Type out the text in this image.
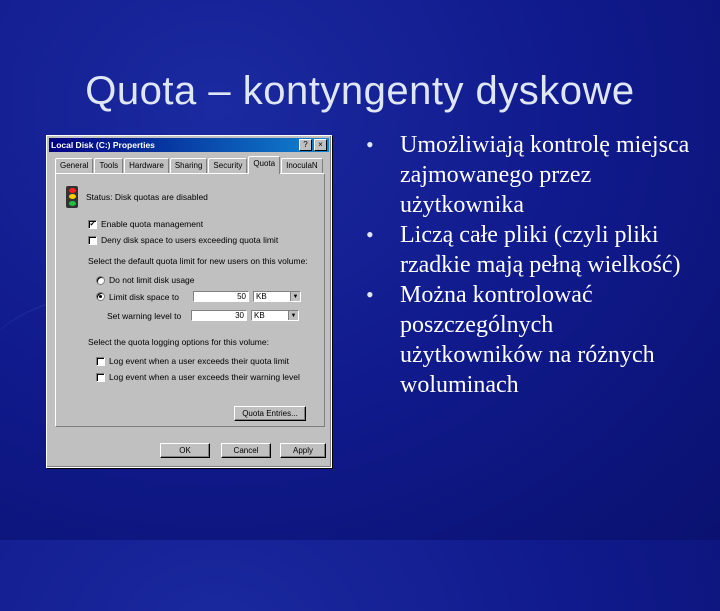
Quota – kontyngenty dyskowe
Local Disk (C:) Properties	?	×
General	Tools	Hardware	Sharing	Security	Quota	InoculаN
Status: Disk quotas are disabled
✔ Enable quota management
Deny disk space to users exceeding quota limit
Select the default quota limit for new users on this volume:
Do not limit disk usage
Limit disk space to	50	KB	▼
Set warning level to	30	KB	▼
Select the quota logging options for this volume:
Log event when a user exceeds their quota limit
Log event when a user exceeds their warning level
Quota Entries...
OK	Cancel	Apply
• Umożliwiają kontrolę miejsca zajmowanego przez użytkownika
• Liczą całe pliki (czyli pliki rzadkie mają pełną wielkość)
• Można kontrolować poszczególnych użytkowników na różnych woluminach
